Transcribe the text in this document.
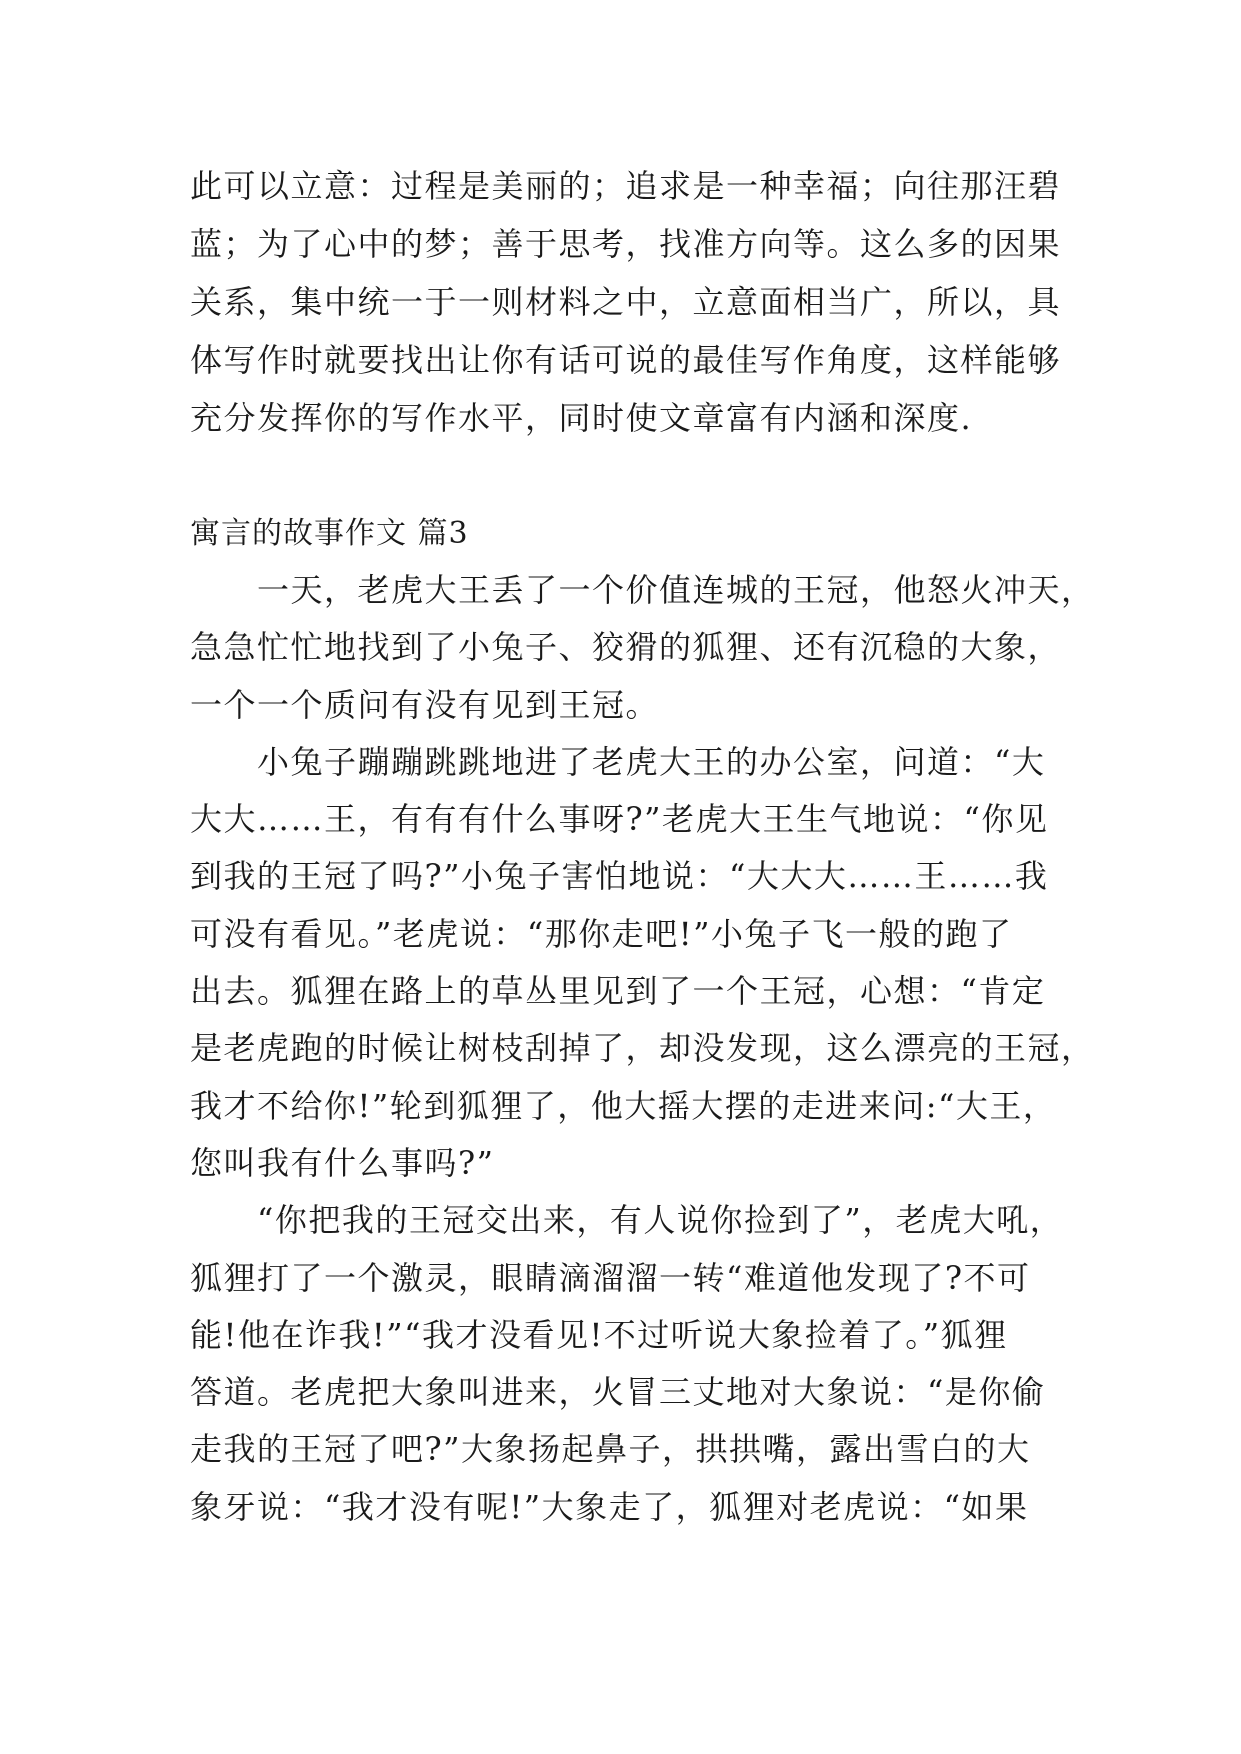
此可以立意：过程是美丽的；追求是一种幸福；向往那汪碧
蓝；为了心中的梦；善于思考，找准方向等。这么多的因果
关系，集中统一于一则材料之中，立意面相当广，所以，具
体写作时就要找出让你有话可说的最佳写作角度，这样能够
充分发挥你的写作水平，同时使文章富有内涵和深度.
寓言的故事作文 篇3
　　一天，老虎大王丢了一个价值连城的王冠，他怒火冲天，
急急忙忙地找到了小兔子、狡猾的狐狸、还有沉稳的大象，
一个一个质问有没有见到王冠。
　　小兔子蹦蹦跳跳地进了老虎大王的办公室，问道：“大
大大……王，有有有什么事呀?”老虎大王生气地说：“你见
到我的王冠了吗?”小兔子害怕地说：“大大大……王……我
可没有看见。”老虎说：“那你走吧!”小兔子飞一般的跑了
出去。狐狸在路上的草丛里见到了一个王冠，心想：“肯定
是老虎跑的时候让树枝刮掉了，却没发现，这么漂亮的王冠，
我才不给你!”轮到狐狸了，他大摇大摆的走进来问:“大王，
您叫我有什么事吗?”
　　“你把我的王冠交出来，有人说你捡到了”，老虎大吼，
狐狸打了一个激灵，眼睛滴溜溜一转“难道他发现了?不可
能!他在诈我!”“我才没看见!不过听说大象捡着了。”狐狸
答道。老虎把大象叫进来，火冒三丈地对大象说：“是你偷
走我的王冠了吧?”大象扬起鼻子，拱拱嘴，露出雪白的大
象牙说：“我才没有呢!”大象走了，狐狸对老虎说：“如果
